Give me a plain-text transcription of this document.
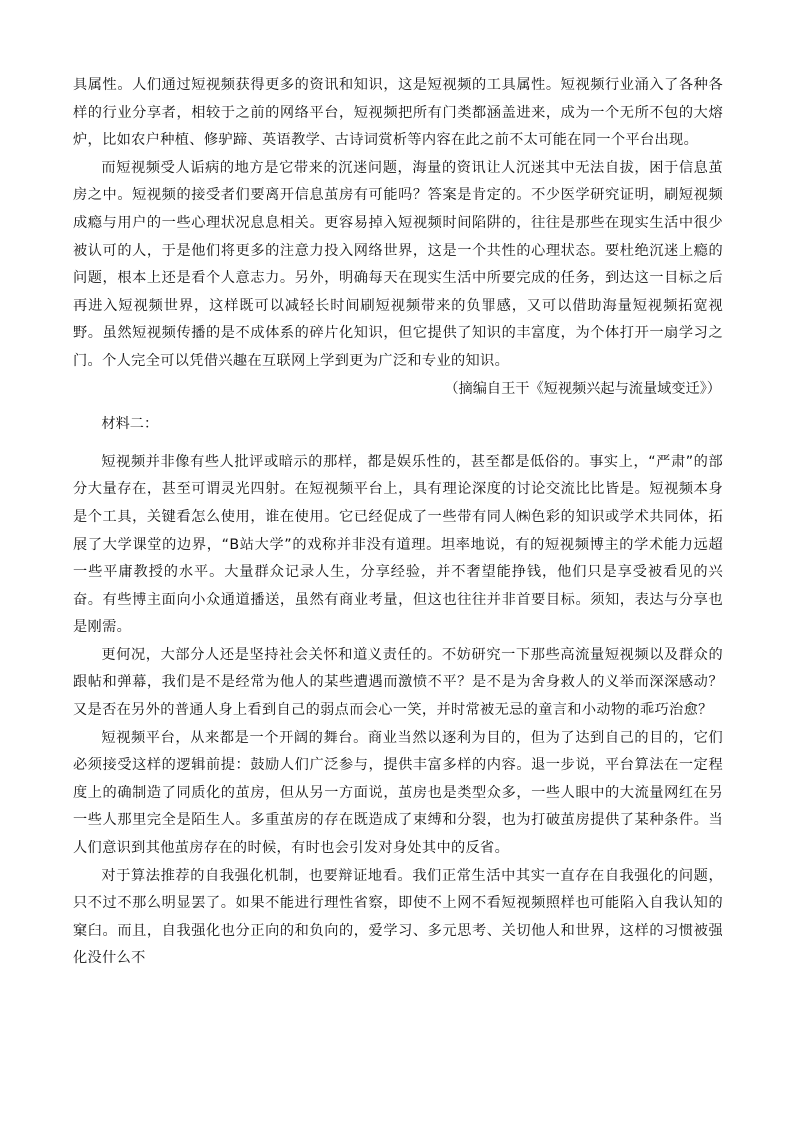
具属性。人们通过短视频获得更多的资讯和知识，这是短视频的工具属性。短视频行业涌入了各种各样的行业分享者，相较于之前的网络平台，短视频把所有门类都涵盖进来，成为一个无所不包的大熔炉，比如农户种植、修驴蹄、英语教学、古诗词赏析等内容在此之前不太可能在同一个平台出现。

而短视频受人诟病的地方是它带来的沉迷问题，海量的资讯让人沉迷其中无法自拔，困于信息茧房之中。短视频的接受者们要离开信息茧房有可能吗？答案是肯定的。不少医学研究证明，刷短视频成瘾与用户的一些心理状况息息相关。更容易掉入短视频时间陷阱的，往往是那些在现实生活中很少被认可的人，于是他们将更多的注意力投入网络世界，这是一个共性的心理状态。要杜绝沉迷上瘾的问题，根本上还是看个人意志力。另外，明确每天在现实生活中所要完成的任务，到达这一目标之后再进入短视频世界，这样既可以减轻长时间刷短视频带来的负罪感，又可以借助海量短视频拓宽视野。虽然短视频传播的是不成体系的碎片化知识，但它提供了知识的丰富度，为个体打开一扇学习之门。个人完全可以凭借兴趣在互联网上学到更为广泛和专业的知识。

（摘编自王干《短视频兴起与流量域变迁》）

材料二：

短视频并非像有些人批评或暗示的那样，都是娱乐性的，甚至都是低俗的。事实上，“严肃”的部分大量存在，甚至可谓灵光四射。在短视频平台上，具有理论深度的讨论交流比比皆是。短视频本身是个工具，关键看怎么使用，谁在使用。它已经促成了一些带有同人㈱色彩的知识或学术共同体，拓展了大学课堂的边界，“B站大学”的戏称并非没有道理。坦率地说，有的短视频博主的学术能力远超一些平庸教授的水平。大量群众记录人生，分享经验，并不奢望能挣钱，他们只是享受被看见的兴奋。有些博主面向小众通道播送，虽然有商业考量，但这也往往并非首要目标。须知，表达与分享也是刚需。

更何况，大部分人还是坚持社会关怀和道义责任的。不妨研究一下那些高流量短视频以及群众的跟帖和弹幕，我们是不是经常为他人的某些遭遇而激愤不平？是不是为舍身救人的义举而深深感动？又是否在另外的普通人身上看到自己的弱点而会心一笑，并时常被无忌的童言和小动物的乖巧治愈？

短视频平台，从来都是一个开阔的舞台。商业当然以逐利为目的，但为了达到自己的目的，它们必须接受这样的逻辑前提：鼓励人们广泛参与，提供丰富多样的内容。退一步说，平台算法在一定程度上的确制造了同质化的茧房，但从另一方面说，茧房也是类型众多，一些人眼中的大流量网红在另一些人那里完全是陌生人。多重茧房的存在既造成了束缚和分裂，也为打破茧房提供了某种条件。当人们意识到其他茧房存在的时候，有时也会引发对身处其中的反省。

对于算法推荐的自我强化机制，也要辩证地看。我们正常生活中其实一直存在自我强化的问题，只不过不那么明显罢了。如果不能进行理性省察，即使不上网不看短视频照样也可能陷入自我认知的窠臼。而且，自我强化也分正向的和负向的，爱学习、多元思考、关切他人和世界，这样的习惯被强化没什么不
